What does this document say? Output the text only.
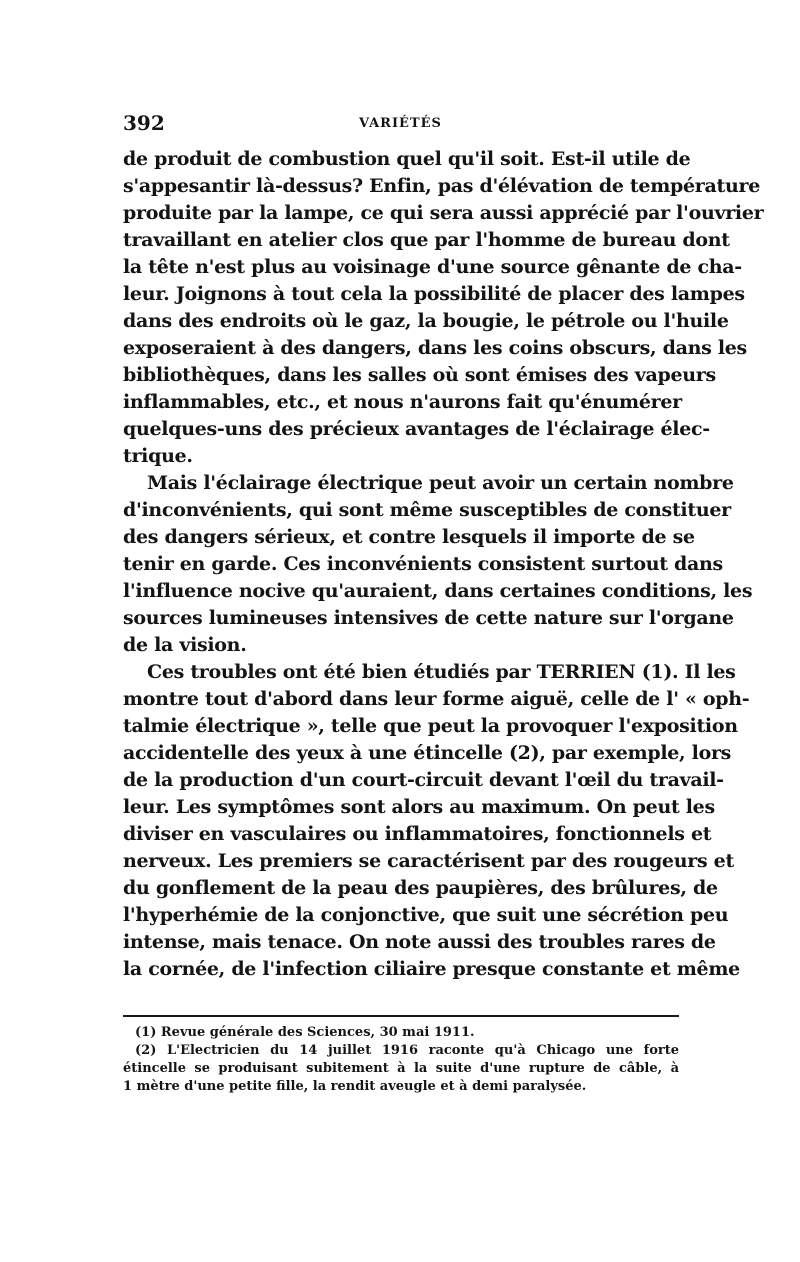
392	VARIÉTÉS
de produit de combustion quel qu'il soit. Est-il utile de
s'appesantir là-dessus? Enfin, pas d'élévation de température
produite par la lampe, ce qui sera aussi apprécié par l'ouvrier
travaillant en atelier clos que par l'homme de bureau dont
la tête n'est plus au voisinage d'une source gênante de cha-
leur. Joignons à tout cela la possibilité de placer des lampes
dans des endroits où le gaz, la bougie, le pétrole ou l'huile
exposeraient à des dangers, dans les coins obscurs, dans les
bibliothèques, dans les salles où sont émises des vapeurs
inflammables, etc., et nous n'aurons fait qu'énumérer
quelques-uns des précieux avantages de l'éclairage élec-
trique.
Mais l'éclairage électrique peut avoir un certain nombre
d'inconvénients, qui sont même susceptibles de constituer
des dangers sérieux, et contre lesquels il importe de se
tenir en garde. Ces inconvénients consistent surtout dans
l'influence nocive qu'auraient, dans certaines conditions, les
sources lumineuses intensives de cette nature sur l'organe
de la vision.
Ces troubles ont été bien étudiés par TERRIEN (1). Il les
montre tout d'abord dans leur forme aiguë, celle de l' « oph-
talmie électrique », telle que peut la provoquer l'exposition
accidentelle des yeux à une étincelle (2), par exemple, lors
de la production d'un court-circuit devant l'œil du travail-
leur. Les symptômes sont alors au maximum. On peut les
diviser en vasculaires ou inflammatoires, fonctionnels et
nerveux. Les premiers se caractérisent par des rougeurs et
du gonflement de la peau des paupières, des brûlures, de
l'hyperhémie de la conjonctive, que suit une sécrétion peu
intense, mais tenace. On note aussi des troubles rares de
la cornée, de l'infection ciliaire presque constante et même
(1) Revue générale des Sciences, 30 mai 1911.
(2) L'Electricien du 14 juillet 1916 raconte qu'à Chicago une forte
étincelle se produisant subitement à la suite d'une rupture de câble, à
1 mètre d'une petite fille, la rendit aveugle et à demi paralysée.
